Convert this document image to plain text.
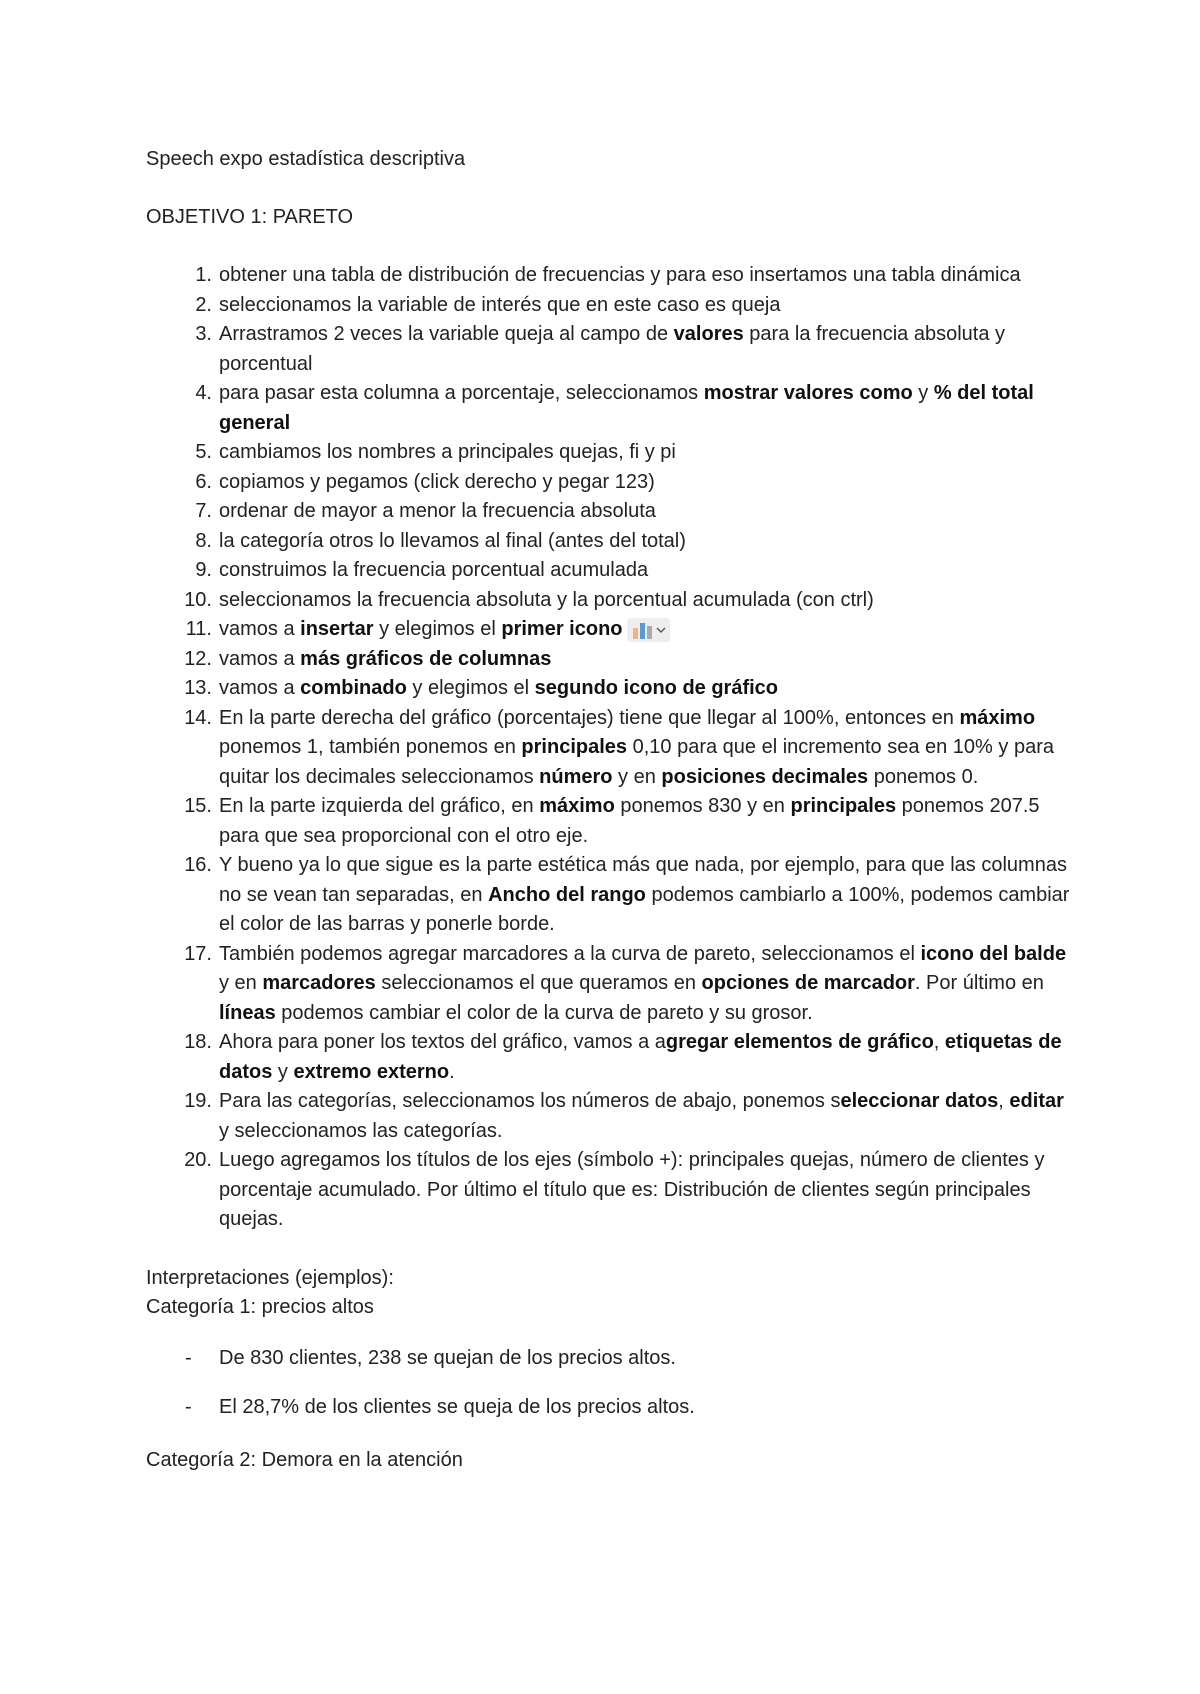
Speech expo estadística descriptiva
OBJETIVO 1: PARETO
1. obtener una tabla de distribución de frecuencias y para eso insertamos una tabla dinámica
2. seleccionamos la variable de interés que en este caso es queja
3. Arrastramos 2 veces la variable queja al campo de valores para la frecuencia absoluta y porcentual
4. para pasar esta columna a porcentaje, seleccionamos mostrar valores como y % del total general
5. cambiamos los nombres a principales quejas, fi y pi
6. copiamos y pegamos (click derecho y pegar 123)
7. ordenar de mayor a menor la frecuencia absoluta
8. la categoría otros lo llevamos al final (antes del total)
9. construimos la frecuencia porcentual acumulada
10. seleccionamos la frecuencia absoluta y la porcentual acumulada (con ctrl)
11. vamos a insertar y elegimos el primer icono
12. vamos a más gráficos de columnas
13. vamos a combinado y elegimos el segundo icono de gráfico
14. En la parte derecha del gráfico (porcentajes) tiene que llegar al 100%, entonces en máximo ponemos 1, también ponemos en principales 0,10 para que el incremento sea en 10% y para quitar los decimales seleccionamos número y en posiciones decimales ponemos 0.
15. En la parte izquierda del gráfico, en máximo ponemos 830 y en principales ponemos 207.5 para que sea proporcional con el otro eje.
16. Y bueno ya lo que sigue es la parte estética más que nada, por ejemplo, para que las columnas no se vean tan separadas, en Ancho del rango podemos cambiarlo a 100%, podemos cambiar el color de las barras y ponerle borde.
17. También podemos agregar marcadores a la curva de pareto, seleccionamos el icono del balde y en marcadores seleccionamos el que queramos en opciones de marcador. Por último en líneas podemos cambiar el color de la curva de pareto y su grosor.
18. Ahora para poner los textos del gráfico, vamos a agregar elementos de gráfico, etiquetas de datos y extremo externo.
19. Para las categorías, seleccionamos los números de abajo, ponemos seleccionar datos, editar y seleccionamos las categorías.
20. Luego agregamos los títulos de los ejes (símbolo +): principales quejas, número de clientes y porcentaje acumulado. Por último el título que es: Distribución de clientes según principales quejas.
Interpretaciones (ejemplos):
Categoría 1: precios altos
- De 830 clientes, 238 se quejan de los precios altos.
- El 28,7% de los clientes se queja de los precios altos.
Categoría 2: Demora en la atención
